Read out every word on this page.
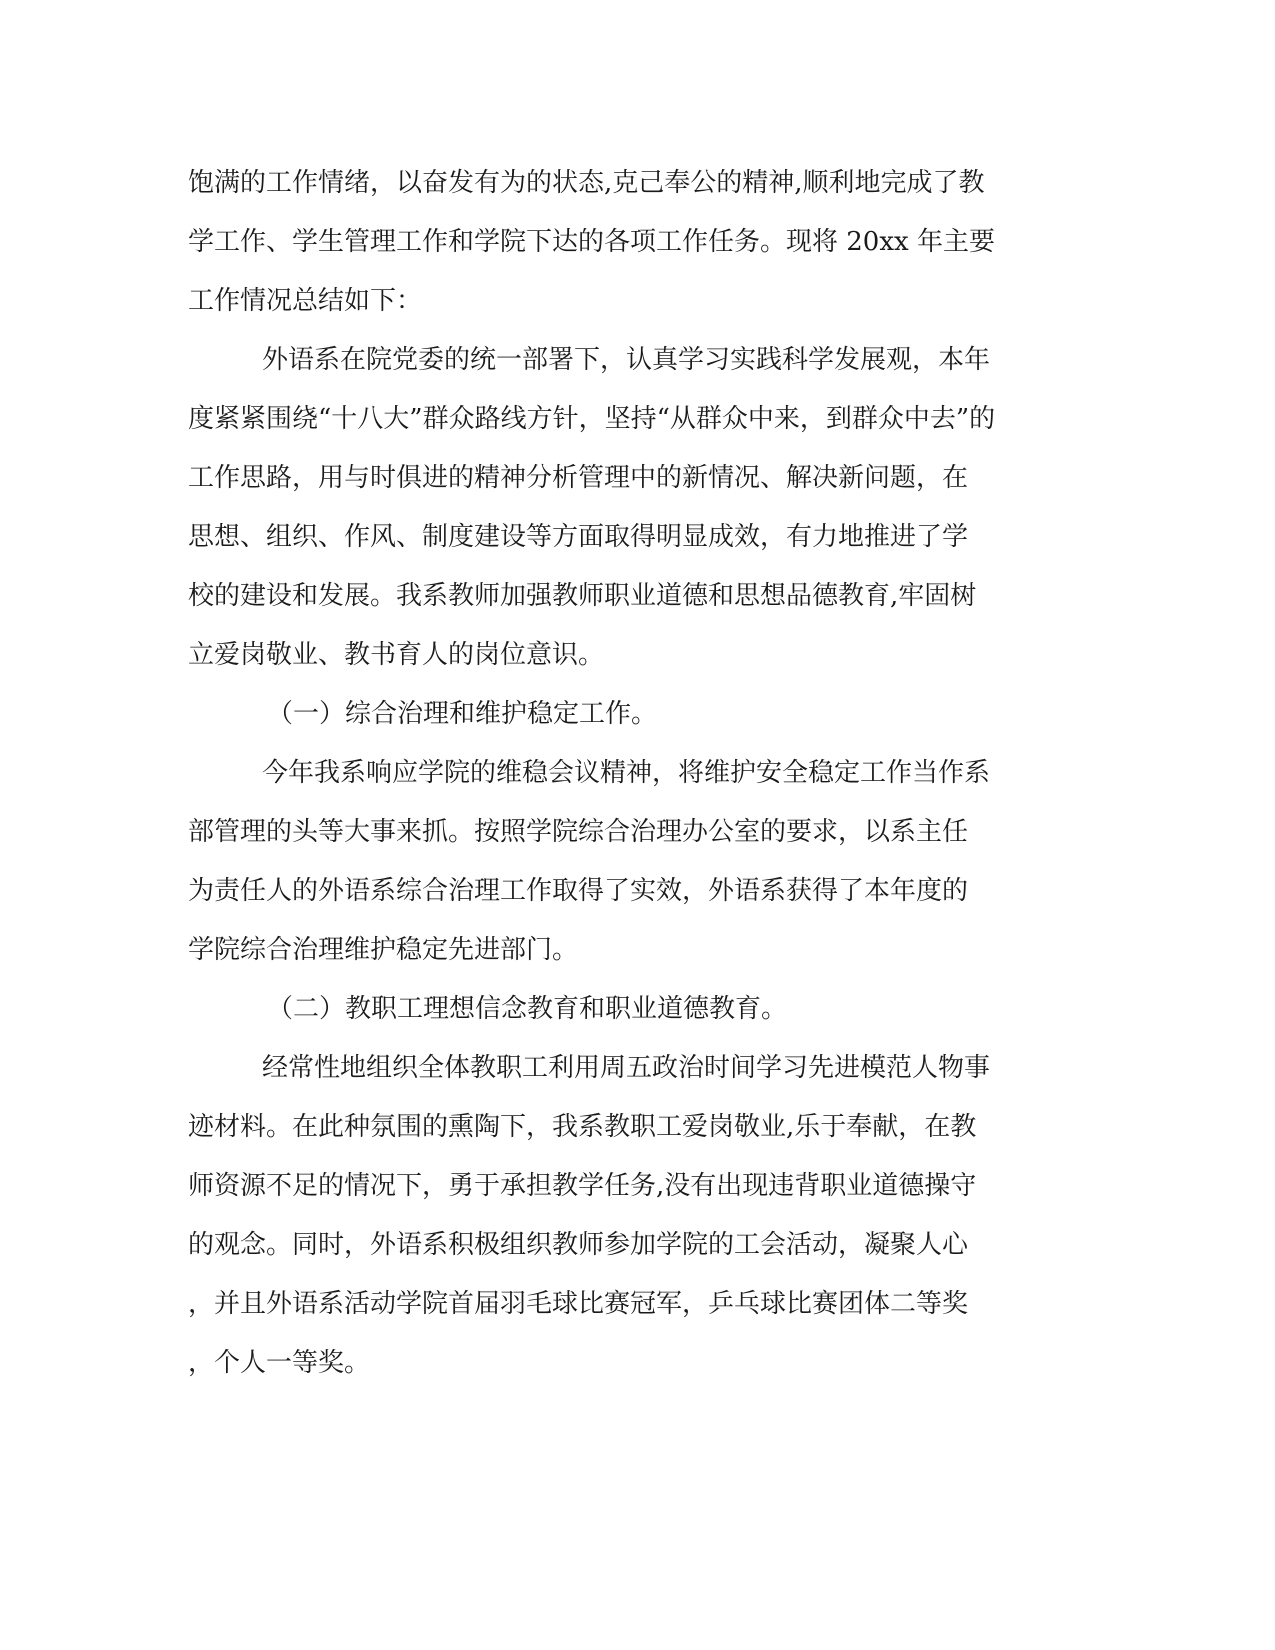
饱满的工作情绪，以奋发有为的状态,克己奉公的精神,顺利地完成了教

学工作、学生管理工作和学院下达的各项工作任务。现将 20xx 年主要

工作情况总结如下：

外语系在院党委的统一部署下，认真学习实践科学发展观，本年

度紧紧围绕“十八大”群众路线方针，坚持“从群众中来，到群众中去”的

工作思路，用与时俱进的精神分析管理中的新情况、解决新问题，在

思想、组织、作风、制度建设等方面取得明显成效，有力地推进了学

校的建设和发展。我系教师加强教师职业道德和思想品德教育,牢固树

立爱岗敬业、教书育人的岗位意识。

（一）综合治理和维护稳定工作。

今年我系响应学院的维稳会议精神，将维护安全稳定工作当作系

部管理的头等大事来抓。按照学院综合治理办公室的要求，以系主任

为责任人的外语系综合治理工作取得了实效，外语系获得了本年度的

学院综合治理维护稳定先进部门。

（二）教职工理想信念教育和职业道德教育。

经常性地组织全体教职工利用周五政治时间学习先进模范人物事

迹材料。在此种氛围的熏陶下，我系教职工爱岗敬业,乐于奉献，在教

师资源不足的情况下，勇于承担教学任务,没有出现违背职业道德操守

的观念。同时，外语系积极组织教师参加学院的工会活动，凝聚人心

，并且外语系活动学院首届羽毛球比赛冠军，乒乓球比赛团体二等奖

，个人一等奖。
